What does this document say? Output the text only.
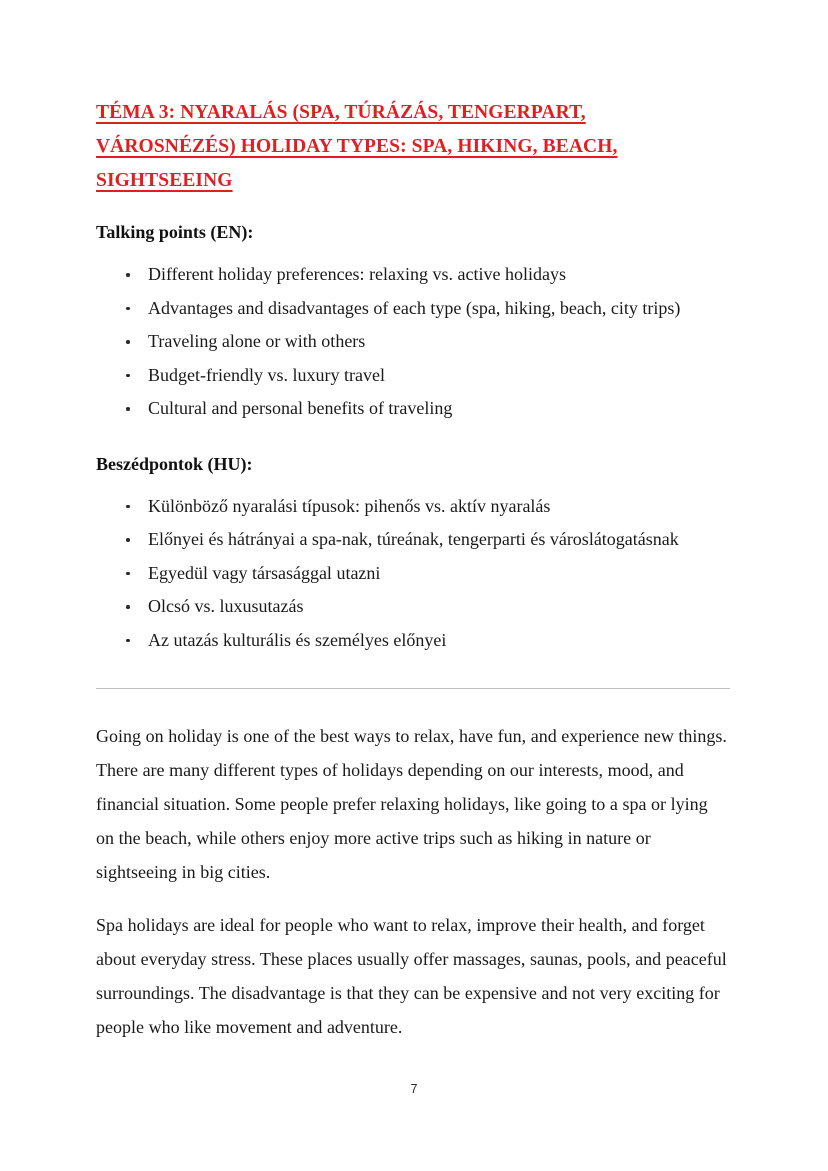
TÉMA 3: NYARALÁS (SPA, TÚRÁZÁS, TENGERPART,
VÁROSNÉZÉS) HOLIDAY TYPES: SPA, HIKING, BEACH,
SIGHTSEEING
Talking points (EN):
Different holiday preferences: relaxing vs. active holidays
Advantages and disadvantages of each type (spa, hiking, beach, city trips)
Traveling alone or with others
Budget-friendly vs. luxury travel
Cultural and personal benefits of traveling
Beszédpontok (HU):
Különböző nyaralási típusok: pihenős vs. aktív nyaralás
Előnyei és hátrányai a spa-nak, túreának, tengerparti és városlátogatásnak
Egyedül vagy társasággal utazni
Olcsó vs. luxusutazás
Az utazás kulturális és személyes előnyei

Going on holiday is one of the best ways to relax, have fun, and experience new things. There are many different types of holidays depending on our interests, mood, and financial situation. Some people prefer relaxing holidays, like going to a spa or lying on the beach, while others enjoy more active trips such as hiking in nature or sightseeing in big cities.

Spa holidays are ideal for people who want to relax, improve their health, and forget about everyday stress. These places usually offer massages, saunas, pools, and peaceful surroundings. The disadvantage is that they can be expensive and not very exciting for people who like movement and adventure.

7
